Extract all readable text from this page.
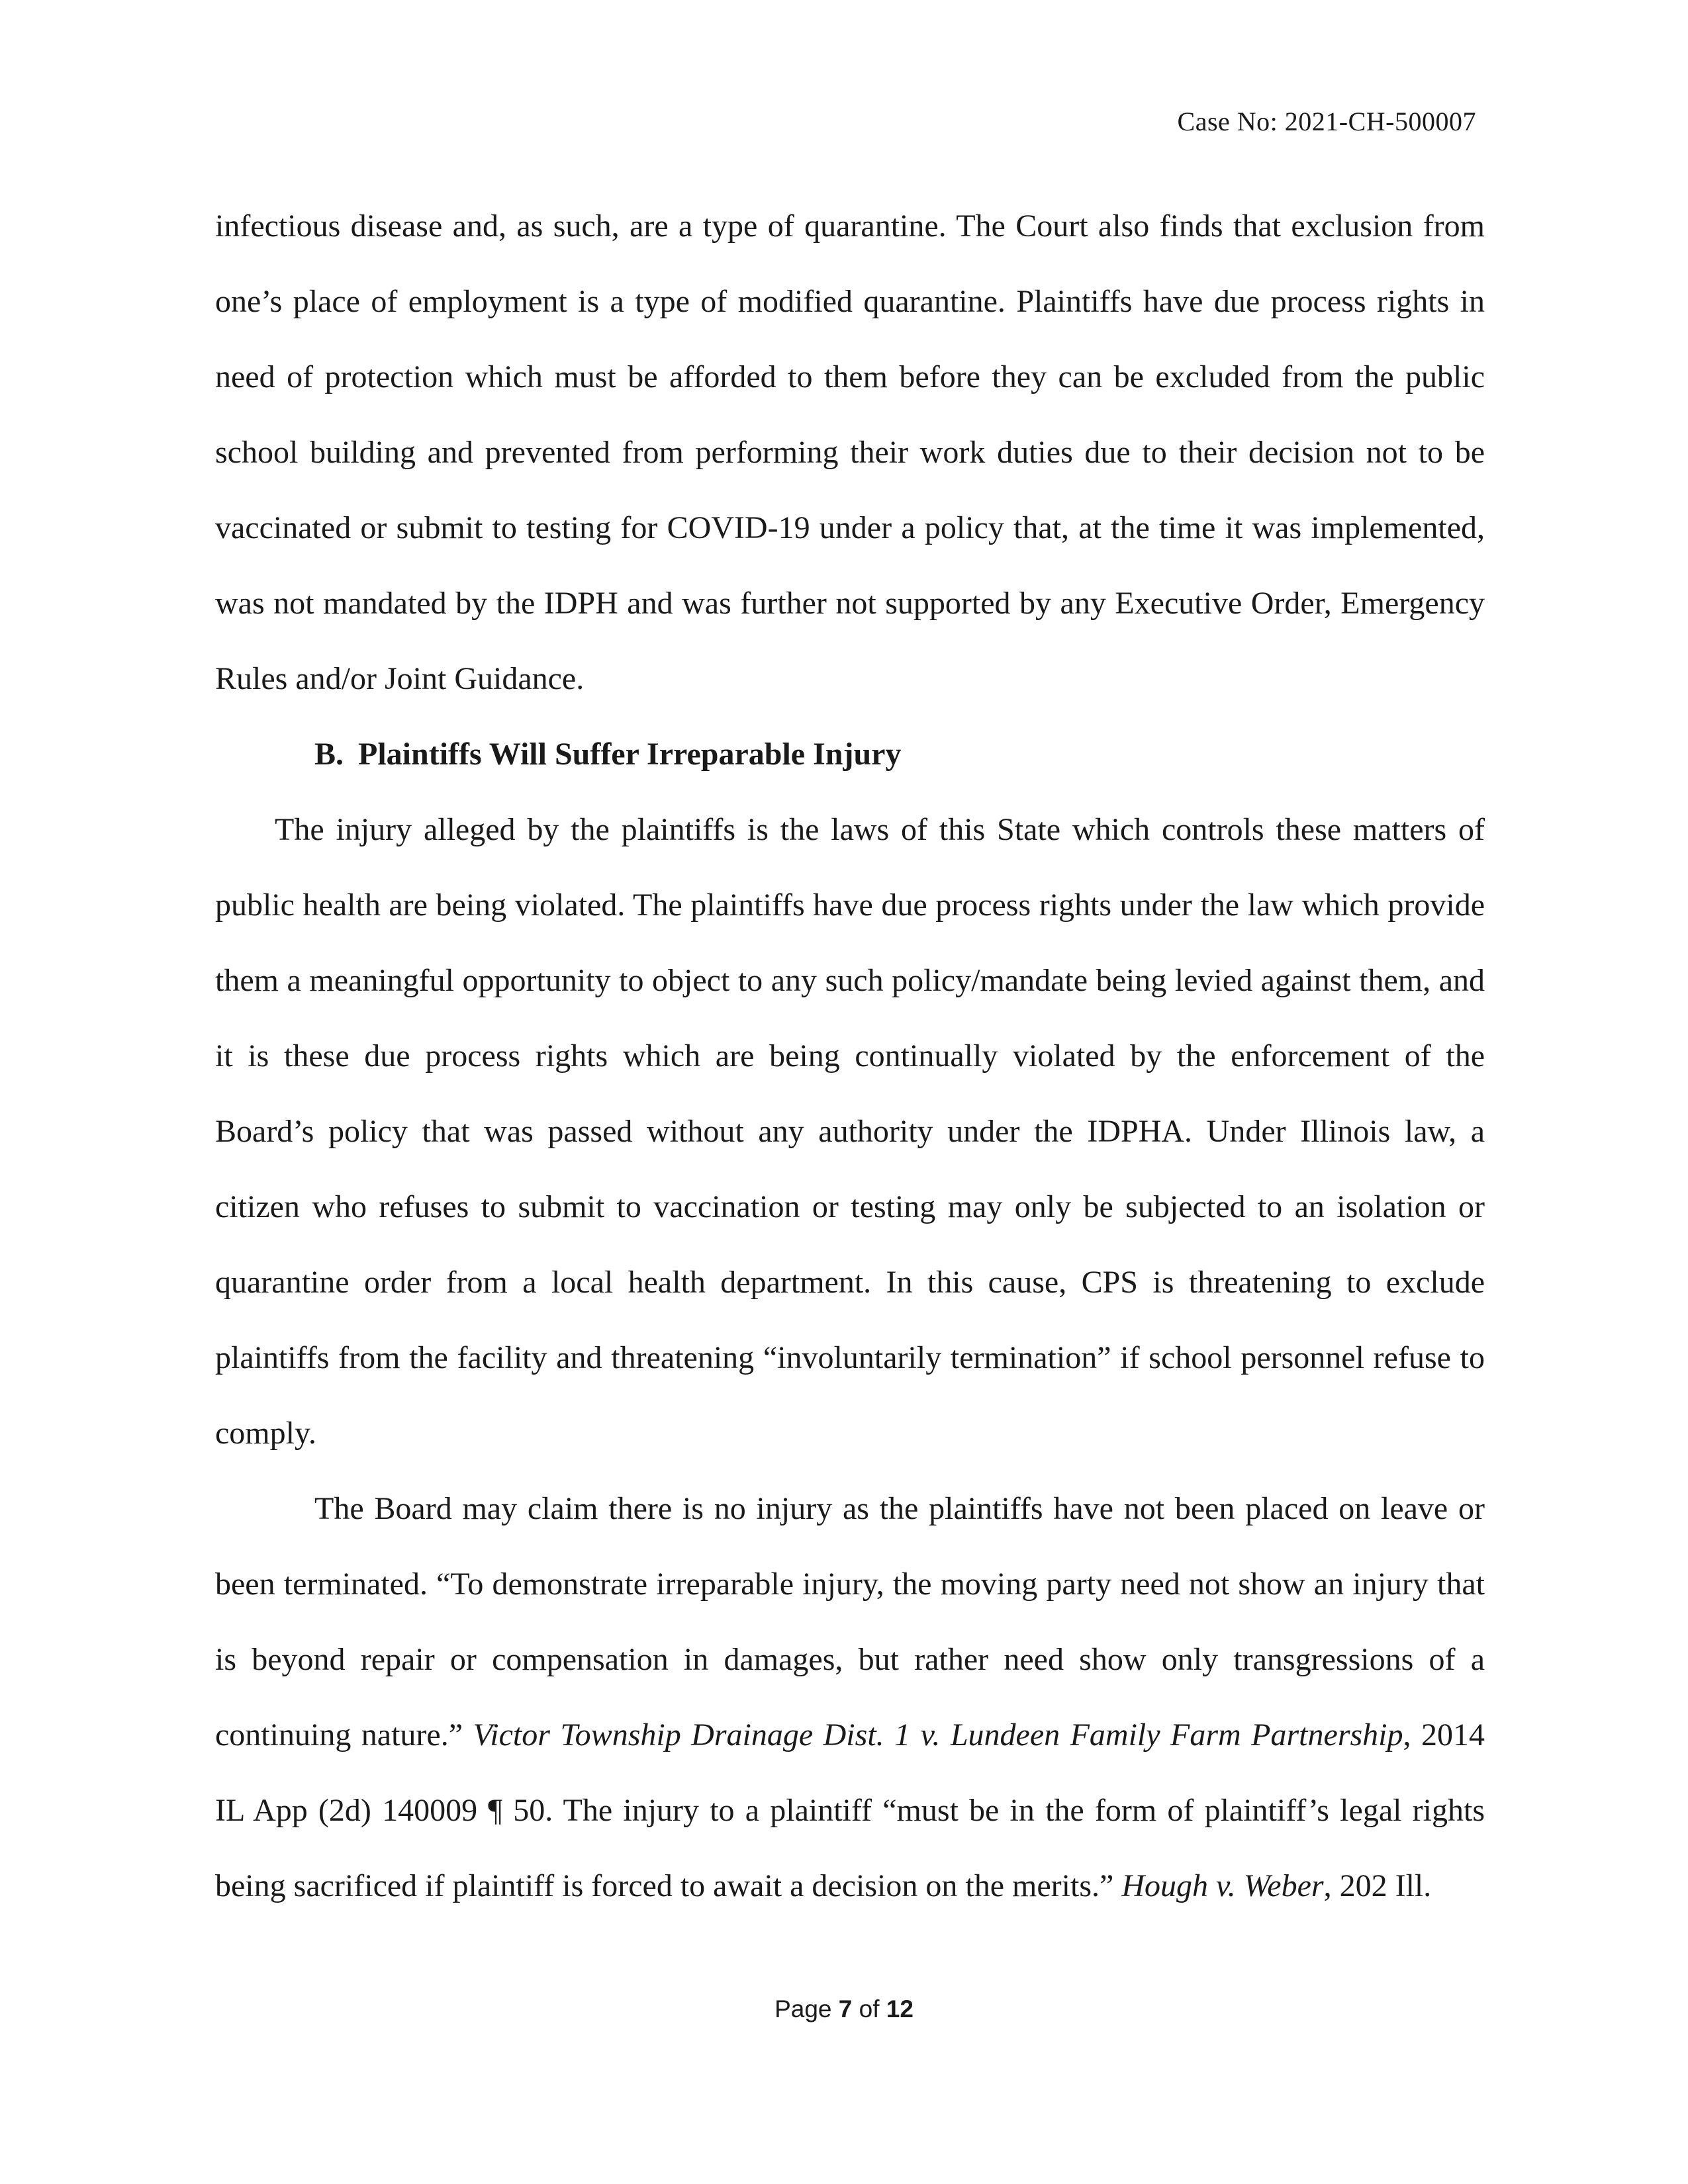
Case No: 2021-CH-500007

infectious disease and, as such, are a type of quarantine. The Court also finds that exclusion from one’s place of employment is a type of modified quarantine. Plaintiffs have due process rights in need of protection which must be afforded to them before they can be excluded from the public school building and prevented from performing their work duties due to their decision not to be vaccinated or submit to testing for COVID-19 under a policy that, at the time it was implemented, was not mandated by the IDPH and was further not supported by any Executive Order, Emergency Rules and/or Joint Guidance.

B. Plaintiffs Will Suffer Irreparable Injury

The injury alleged by the plaintiffs is the laws of this State which controls these matters of public health are being violated. The plaintiffs have due process rights under the law which provide them a meaningful opportunity to object to any such policy/mandate being levied against them, and it is these due process rights which are being continually violated by the enforcement of the Board’s policy that was passed without any authority under the IDPHA. Under Illinois law, a citizen who refuses to submit to vaccination or testing may only be subjected to an isolation or quarantine order from a local health department. In this cause, CPS is threatening to exclude plaintiffs from the facility and threatening “involuntarily termination” if school personnel refuse to comply.

The Board may claim there is no injury as the plaintiffs have not been placed on leave or been terminated. “To demonstrate irreparable injury, the moving party need not show an injury that is beyond repair or compensation in damages, but rather need show only transgressions of a continuing nature.” Victor Township Drainage Dist. 1 v. Lundeen Family Farm Partnership, 2014 IL App (2d) 140009 ¶ 50. The injury to a plaintiff “must be in the form of plaintiff’s legal rights being sacrificed if plaintiff is forced to await a decision on the merits.” Hough v. Weber, 202 Ill.

Page 7 of 12
